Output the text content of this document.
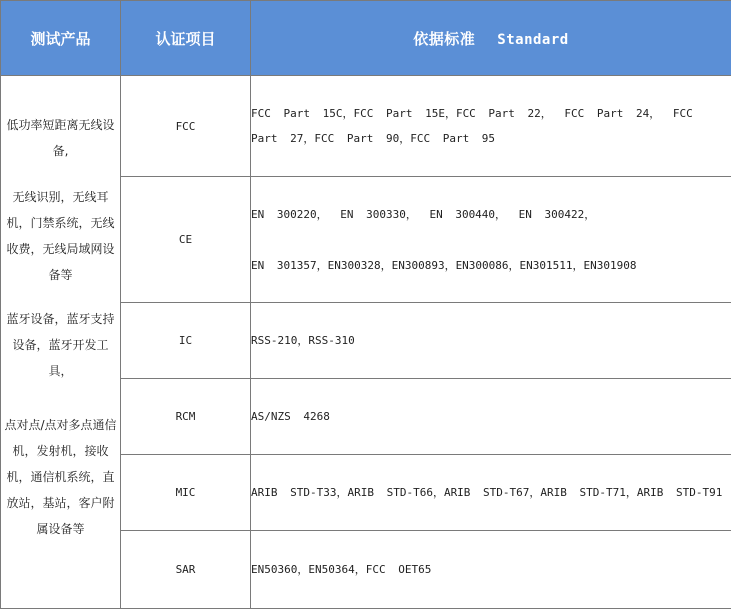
测试产品	认证项目	依据标准 Standard

低功率短距离无线设备,
无线识别，无线耳机，门禁系统，无线收费，无线局域网设备等
蓝牙设备，蓝牙支持设备，蓝牙开发工具，
点对点/点对多点通信机，发射机，接收机，通信机系统，直放站，基站，客户附属设备等	FCC	FCC Part 15C，FCC Part 15E，FCC Part 22， FCC Part 24， FCC Part 27，FCC Part 90，FCC Part 95

	CE	EN 300220， EN 300330， EN 300440， EN 300422，
EN 301357，EN300328，EN300893，EN300086，EN301511，EN301908

	IC	RSS-210，RSS-310

	RCM	AS/NZS 4268

	MIC	ARIB STD-T33，ARIB STD-T66，ARIB STD-T67，ARIB STD-T71，ARIB STD-T91

	SAR	EN50360，EN50364，FCC OET65
